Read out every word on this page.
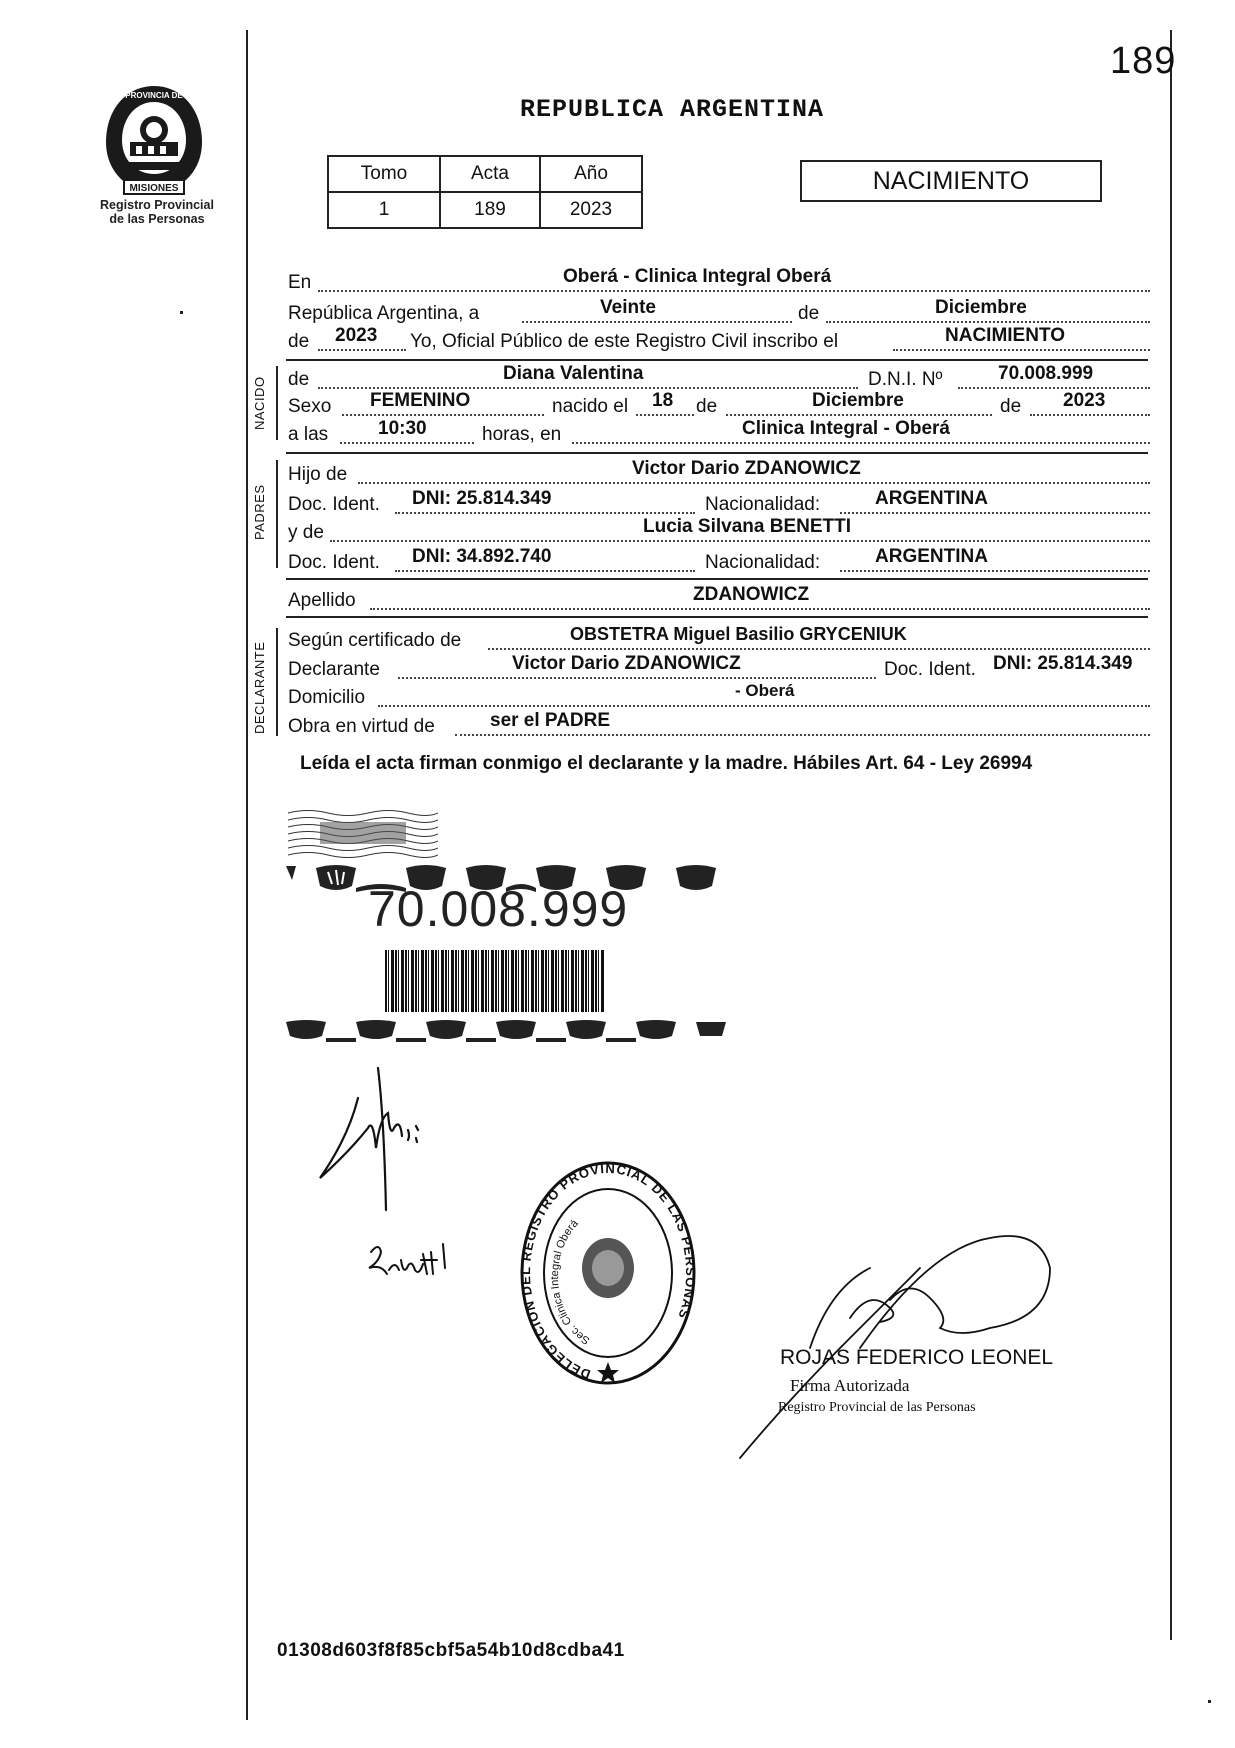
189
REPUBLICA ARGENTINA
MISIONES
PROVINCIA DE
Registro Provincial
de las Personas
Tomo	Acta	Año
1	189	2023
NACIMIENTO
En	Oberá - Clinica Integral Oberá
República Argentina, a	Veinte	de	Diciembre
de 2023 Yo, Oficial Público de este Registro Civil inscribo el	NACIMIENTO
NACIDO de	Diana Valentina	D.N.I. Nº	70.008.999
Sexo FEMENINO	nacido el 18 de	Diciembre	de 2023
a las	10:30	horas, en	Clinica Integral - Oberá
PADRES
Hijo de	Victor Dario ZDANOWICZ
Doc. Ident. DNI: 25.814.349	Nacionalidad:	ARGENTINA
y de	Lucia Silvana BENETTI
Doc. Ident. DNI: 34.892.740	Nacionalidad:	ARGENTINA
Apellido	ZDANOWICZ
DECLARANTE
Según certificado de	OBSTETRA Miguel Basilio GRYCENIUK
Declarante	Victor Dario ZDANOWICZ	Doc. Ident. DNI: 25.814.349
Domicilio	- Oberá
Obra en virtud de	ser el PADRE
Leída el acta firman conmigo el declarante y la madre. Hábiles Art. 64 - Ley 26994
70.008.999
DELEGACION DEL REGISTRO PROVINCIAL DE LAS PERSONAS
Sec. Clinica Integral Oberá
ROJAS FEDERICO LEONEL
Firma Autorizada
Registro Provincial de las Personas
01308d603f8f85cbf5a54b10d8cdba41
